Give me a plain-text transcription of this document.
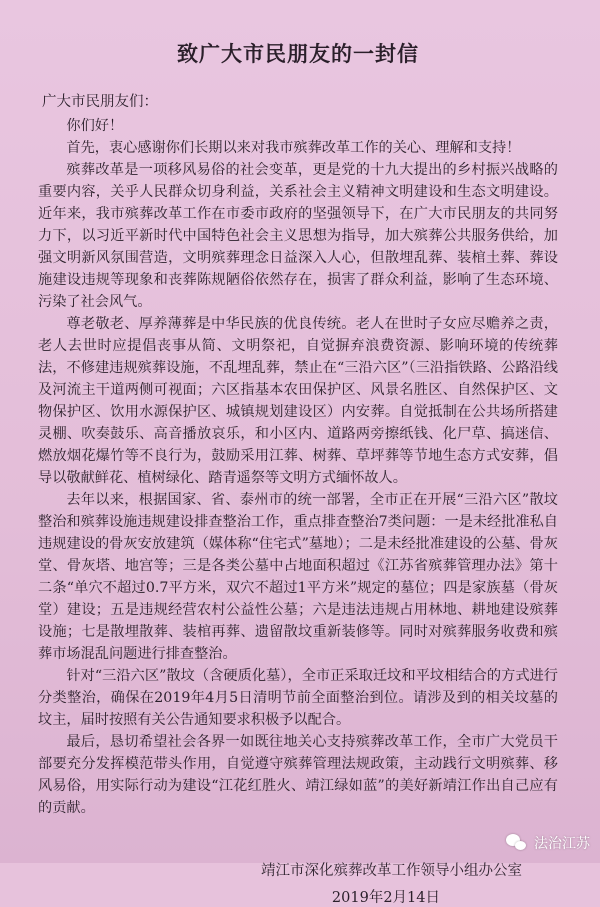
致广大市民朋友的一封信
广大市民朋友们：

你们好！

首先，衷心感谢你们长期以来对我市殡葬改革工作的关心、理解和支持！

殡葬改革是一项移风易俗的社会变革，更是党的十九大提出的乡村振兴战略的重要内容，关乎人民群众切身利益，关系社会主义精神文明建设和生态文明建设。近年来，我市殡葬改革工作在市委市政府的坚强领导下，在广大市民朋友的共同努力下，以习近平新时代中国特色社会主义思想为指导，加大殡葬公共服务供给，加强文明新风氛围营造，文明殡葬理念日益深入人心，但散埋乱葬、装棺土葬、葬设施建设违规等现象和丧葬陈规陋俗依然存在，损害了群众利益，影响了生态环境、污染了社会风气。

尊老敬老、厚养薄葬是中华民族的优良传统。老人在世时子女应尽赡养之责，老人去世时应提倡丧事从简、文明祭祀，自觉摒弃浪费资源、影响环境的传统葬法，不修建违规殡葬设施，不乱埋乱葬，禁止在“三沿六区”（三沿指铁路、公路沿线及河流主干道两侧可视面；六区指基本农田保护区、风景名胜区、自然保护区、文物保护区、饮用水源保护区、城镇规划建设区）内安葬。自觉抵制在公共场所搭建灵棚、吹奏鼓乐、高音播放哀乐，和小区内、道路两旁擦纸钱、化尸草、搞迷信、燃放烟花爆竹等不良行为，鼓励采用江葬、树葬、草坪葬等节地生态方式安葬，倡导以敬献鲜花、植树绿化、踏青遥祭等文明方式缅怀故人。

去年以来，根据国家、省、泰州市的统一部署，全市正在开展“三沿六区”散坟整治和殡葬设施违规建设排查整治工作，重点排查整治7类问题：一是未经批准私自违规建设的骨灰安放建筑（媒体称“住宅式”墓地）；二是未经批准建设的公墓、骨灰堂、骨灰塔、地宫等；三是各类公墓中占地面积超过《江苏省殡葬管理办法》第十二条“单穴不超过0.7平方米，双穴不超过1平方米”规定的墓位；四是家族墓（骨灰堂）建设；五是违规经营农村公益性公墓；六是违法违规占用林地、耕地建设殡葬设施；七是散埋散葬、装棺再葬、遗留散坟重新装修等。同时对殡葬服务收费和殡葬市场混乱问题进行排查整治。

针对“三沿六区”散坟（含硬质化墓），全市正采取迁坟和平坟相结合的方式进行分类整治，确保在2019年4月5日清明节前全面整治到位。请涉及到的相关坟墓的坟主，届时按照有关公告通知要求积极予以配合。

最后，恳切希望社会各界一如既往地关心支持殡葬改革工作，全市广大党员干部要充分发挥模范带头作用，自觉遵守殡葬管理法规政策，主动践行文明殡葬、移风易俗，用实际行动为建设“江花红胜火、靖江绿如蓝”的美好新靖江作出自己应有的贡献。

靖江市深化殡葬改革工作领导小组办公室
2019年2月14日
法治江苏
